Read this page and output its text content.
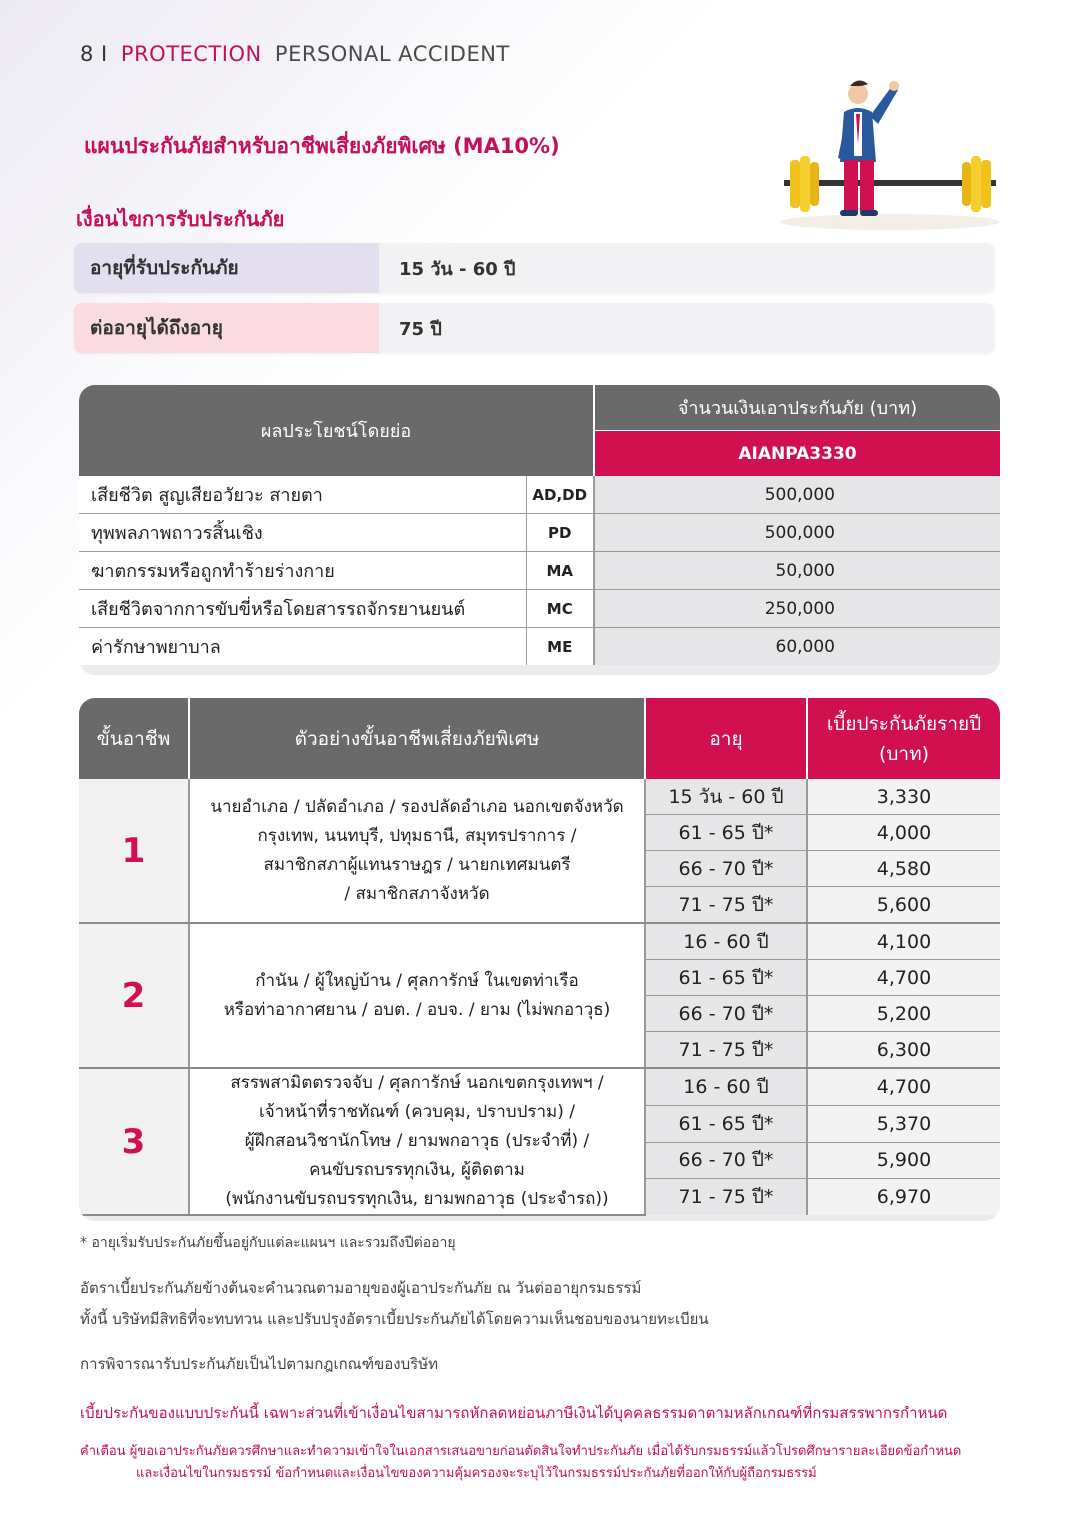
8 I PROTECTION PERSONAL ACCIDENT
แผนประกันภัยสำหรับอาชีพเสี่ยงภัยพิเศษ (MA10%)
เงื่อนไขการรับประกันภัย
อายุที่รับประกันภัย	15 วัน - 60 ปี
ต่ออายุได้ถึงอายุ	75 ปี
ผลประโยชน์โดยย่อ		จำนวนเงินเอาประกันภัย (บาท)
		AIANPA3330
เสียชีวิต สูญเสียอวัยวะ สายตา	AD,DD	500,000
ทุพพลภาพถาวรสิ้นเชิง	PD	500,000
ฆาตกรรมหรือถูกทำร้ายร่างกาย	MA	50,000
เสียชีวิตจากการขับขี่หรือโดยสารรถจักรยานยนต์	MC	250,000
ค่ารักษาพยาบาล	ME	60,000
ขั้นอาชีพ	ตัวอย่างขั้นอาชีพเสี่ยงภัยพิเศษ	อายุ	เบี้ยประกันภัยรายปี
(บาท)

1	นายอำเภอ / ปลัดอำเภอ / รองปลัดอำเภอ นอกเขตจังหวัด
กรุงเทพ, นนทบุรี, ปทุมธานี, สมุทรปราการ /
สมาชิกสภาผู้แทนราษฎร / นายกเทศมนตรี
/ สมาชิกสภาจังหวัด	15 วัน - 60 ปี	3,330
		61 - 65 ปี*	4,000
		66 - 70 ปี*	4,580
		71 - 75 ปี*	5,600
2	กำนัน / ผู้ใหญ่บ้าน / ศุลการักษ์ ในเขตท่าเรือ
หรือท่าอากาศยาน / อบต. / อบจ. / ยาม (ไม่พกอาวุธ)	16 - 60 ปี	4,100
		61 - 65 ปี*	4,700
		66 - 70 ปี*	5,200
		71 - 75 ปี*	6,300
3	สรรพสามิตตรวจจับ / ศุลการักษ์ นอกเขตกรุงเทพฯ /
เจ้าหน้าที่ราชทัณฑ์ (ควบคุม, ปราบปราม) /
ผู้ฝึกสอนวิชานักโทษ / ยามพกอาวุธ (ประจำที่) /
คนขับรถบรรทุกเงิน, ผู้ติดตาม
(พนักงานขับรถบรรทุกเงิน, ยามพกอาวุธ (ประจำรถ))	16 - 60 ปี	4,700
		61 - 65 ปี*	5,370
		66 - 70 ปี*	5,900
		71 - 75 ปี*	6,970
* อายุเริ่มรับประกันภัยขึ้นอยู่กับแต่ละแผนฯ และรวมถึงปีต่ออายุ
อัตราเบี้ยประกันภัยข้างต้นจะคำนวณตามอายุของผู้เอาประกันภัย ณ วันต่ออายุกรมธรรม์
ทั้งนี้ บริษัทมีสิทธิที่จะทบทวน และปรับปรุงอัตราเบี้ยประกันภัยได้โดยความเห็นชอบของนายทะเบียน
การพิจารณารับประกันภัยเป็นไปตามกฎเกณฑ์ของบริษัท
เบี้ยประกันของแบบประกันนี้ เฉพาะส่วนที่เข้าเงื่อนไขสามารถหักลดหย่อนภาษีเงินได้บุคคลธรรมดาตามหลักเกณฑ์ที่กรมสรรพากรกำหนด
คำเตือน ผู้ขอเอาประกันภัยควรศึกษาและทำความเข้าใจในเอกสารเสนอขายก่อนตัดสินใจทำประกันภัย เมื่อได้รับกรมธรรม์แล้วโปรดศึกษารายละเอียดข้อกำหนด
และเงื่อนไขในกรมธรรม์ ข้อกำหนดและเงื่อนไขของความคุ้มครองจะระบุไว้ในกรมธรรม์ประกันภัยที่ออกให้กับผู้ถือกรมธรรม์
